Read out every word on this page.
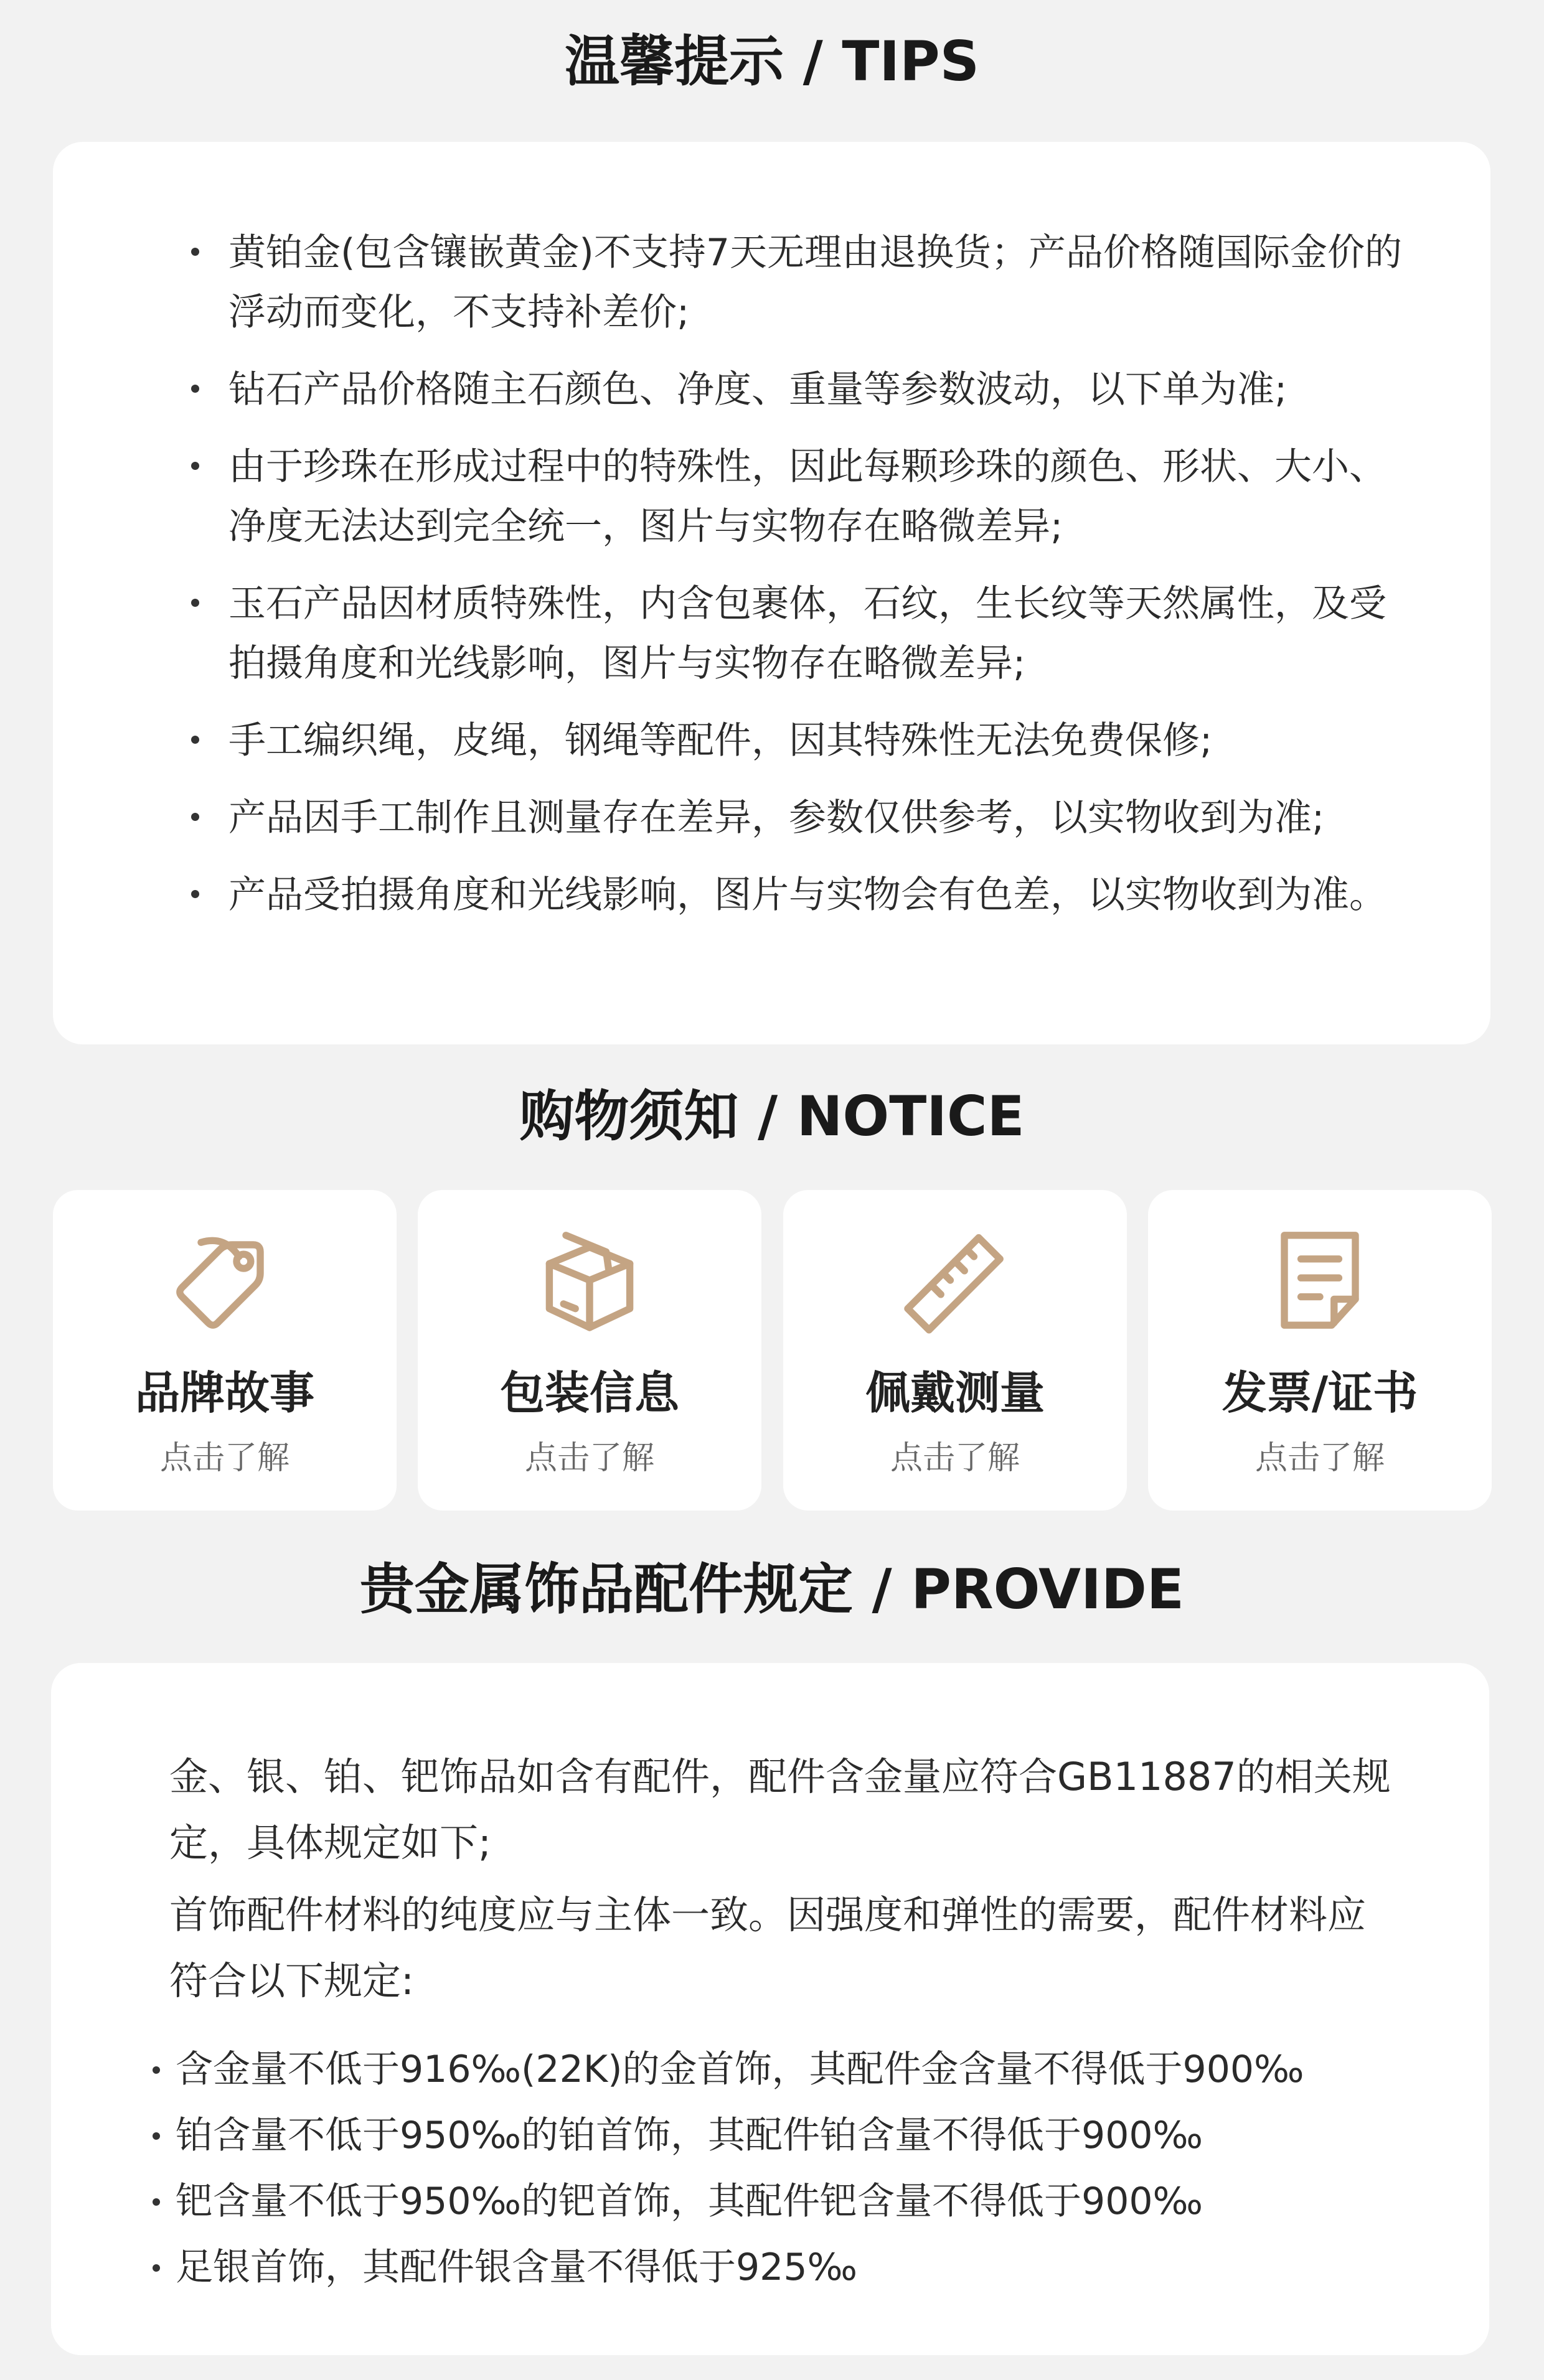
温馨提示 / TIPS
黄铂金(包含镶嵌黄金)不支持7天无理由退换货；产品价格随国际金价的浮动而变化，不支持补差价;
钻石产品价格随主石颜色、净度、重量等参数波动，以下单为准;
由于珍珠在形成过程中的特殊性，因此每颗珍珠的颜色、形状、大小、净度无法达到完全统一，图片与实物存在略微差异;
玉石产品因材质特殊性，内含包裹体，石纹，生长纹等天然属性，及受拍摄角度和光线影响，图片与实物存在略微差异;
手工编织绳，皮绳，钢绳等配件，因其特殊性无法免费保修;
产品因手工制作且测量存在差异，参数仅供参考，以实物收到为准;
产品受拍摄角度和光线影响，图片与实物会有色差，以实物收到为准。
购物须知 / NOTICE
品牌故事
点击了解
包装信息
点击了解
佩戴测量
点击了解
发票/证书
点击了解
贵金属饰品配件规定 / PROVIDE

金、银、铂、钯饰品如含有配件，配件含金量应符合GB11887的相关规定，具体规定如下;

首饰配件材料的纯度应与主体一致。因强度和弹性的需要，配件材料应符合以下规定:

含金量不低于916‰(22K)的金首饰，其配件金含量不得低于900‰
铂含量不低于950‰的铂首饰，其配件铂含量不得低于900‰
钯含量不低于950‰的钯首饰，其配件钯含量不得低于900‰
足银首饰，其配件银含量不得低于925‰
